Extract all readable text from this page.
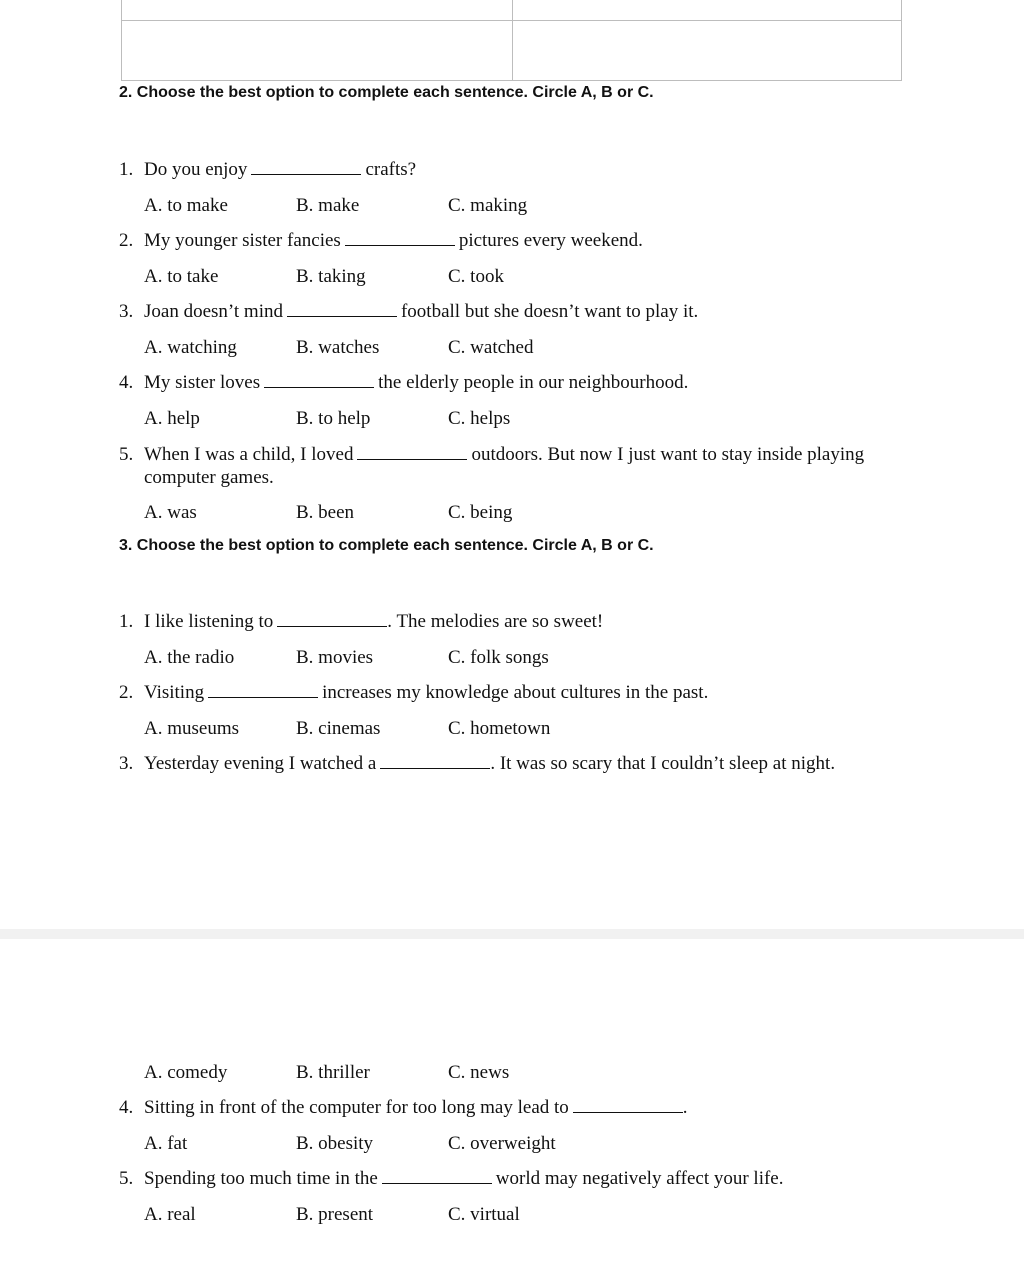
2. Choose the best option to complete each sentence. Circle A, B or C.
1. Do you enjoy	crafts?
A. to make	B. make	C. making
2. My younger sister fancies	pictures every weekend.
A. to take	B. taking	C. took
3. Joan doesn’t mind	football but she doesn’t want to play it.
A. watching	B. watches	C. watched
4. My sister loves	the elderly people in our neighbourhood.
A. help	B. to help	C. helps
5. When I was a child, I loved	outdoors. But now I just want to stay inside playing computer games.
A. was	B. been	C. being
3. Choose the best option to complete each sentence. Circle A, B or C.
1. I like listening to	. The melodies are so sweet!
A. the radio	B. movies	C. folk songs
2. Visiting	increases my knowledge about cultures in the past.
A. museums	B. cinemas	C. hometown
3. Yesterday evening I watched a	. It was so scary that I couldn’t sleep at night.
A. comedy	B. thriller	C. news
4. Sitting in front of the computer for too long may lead to	.
A. fat	B. obesity	C. overweight
5. Spending too much time in the	world may negatively affect your life.
A. real	B. present	C. virtual
